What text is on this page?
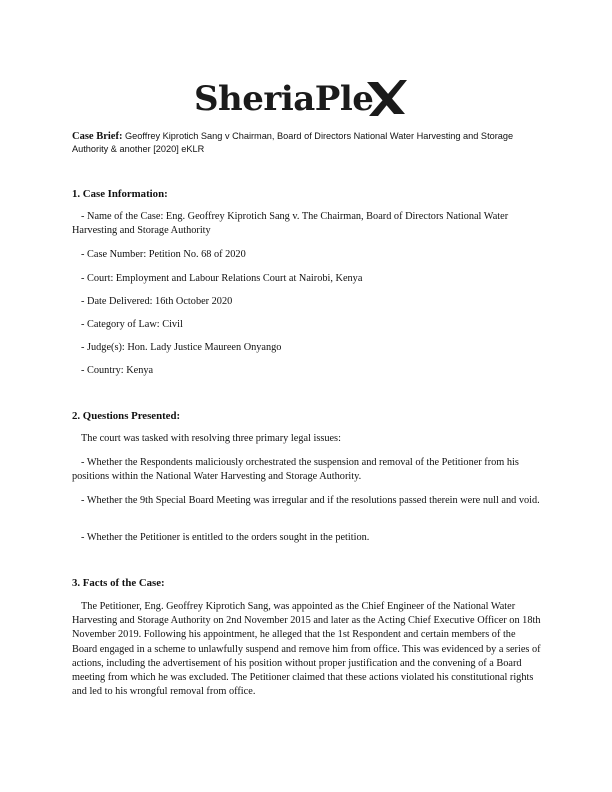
SheriaPle
Case Brief: Geoffrey Kiprotich Sang v Chairman, Board of Directors National Water Harvesting and Storage Authority & another [2020] eKLR
1. Case Information:

- Name of the Case: Eng. Geoffrey Kiprotich Sang v. The Chairman, Board of Directors National Water Harvesting and Storage Authority

- Case Number: Petition No. 68 of 2020

- Court: Employment and Labour Relations Court at Nairobi, Kenya

- Date Delivered: 16th October 2020

- Category of Law: Civil

- Judge(s): Hon. Lady Justice Maureen Onyango

- Country: Kenya

2. Questions Presented:

The court was tasked with resolving three primary legal issues:

- Whether the Respondents maliciously orchestrated the suspension and removal of the Petitioner from his positions within the National Water Harvesting and Storage Authority.

- Whether the 9th Special Board Meeting was irregular and if the resolutions passed therein were null and void.

- Whether the Petitioner is entitled to the orders sought in the petition.

3. Facts of the Case:

The Petitioner, Eng. Geoffrey Kiprotich Sang, was appointed as the Chief Engineer of the National Water Harvesting and Storage Authority on 2nd November 2015 and later as the Acting Chief Executive Officer on 18th November 2019. Following his appointment, he alleged that the 1st Respondent and certain members of the Board engaged in a scheme to unlawfully suspend and remove him from office. This was evidenced by a series of actions, including the advertisement of his position without proper justification and the convening of a Board meeting from which he was excluded. The Petitioner claimed that these actions violated his constitutional rights and led to his wrongful removal from office.
